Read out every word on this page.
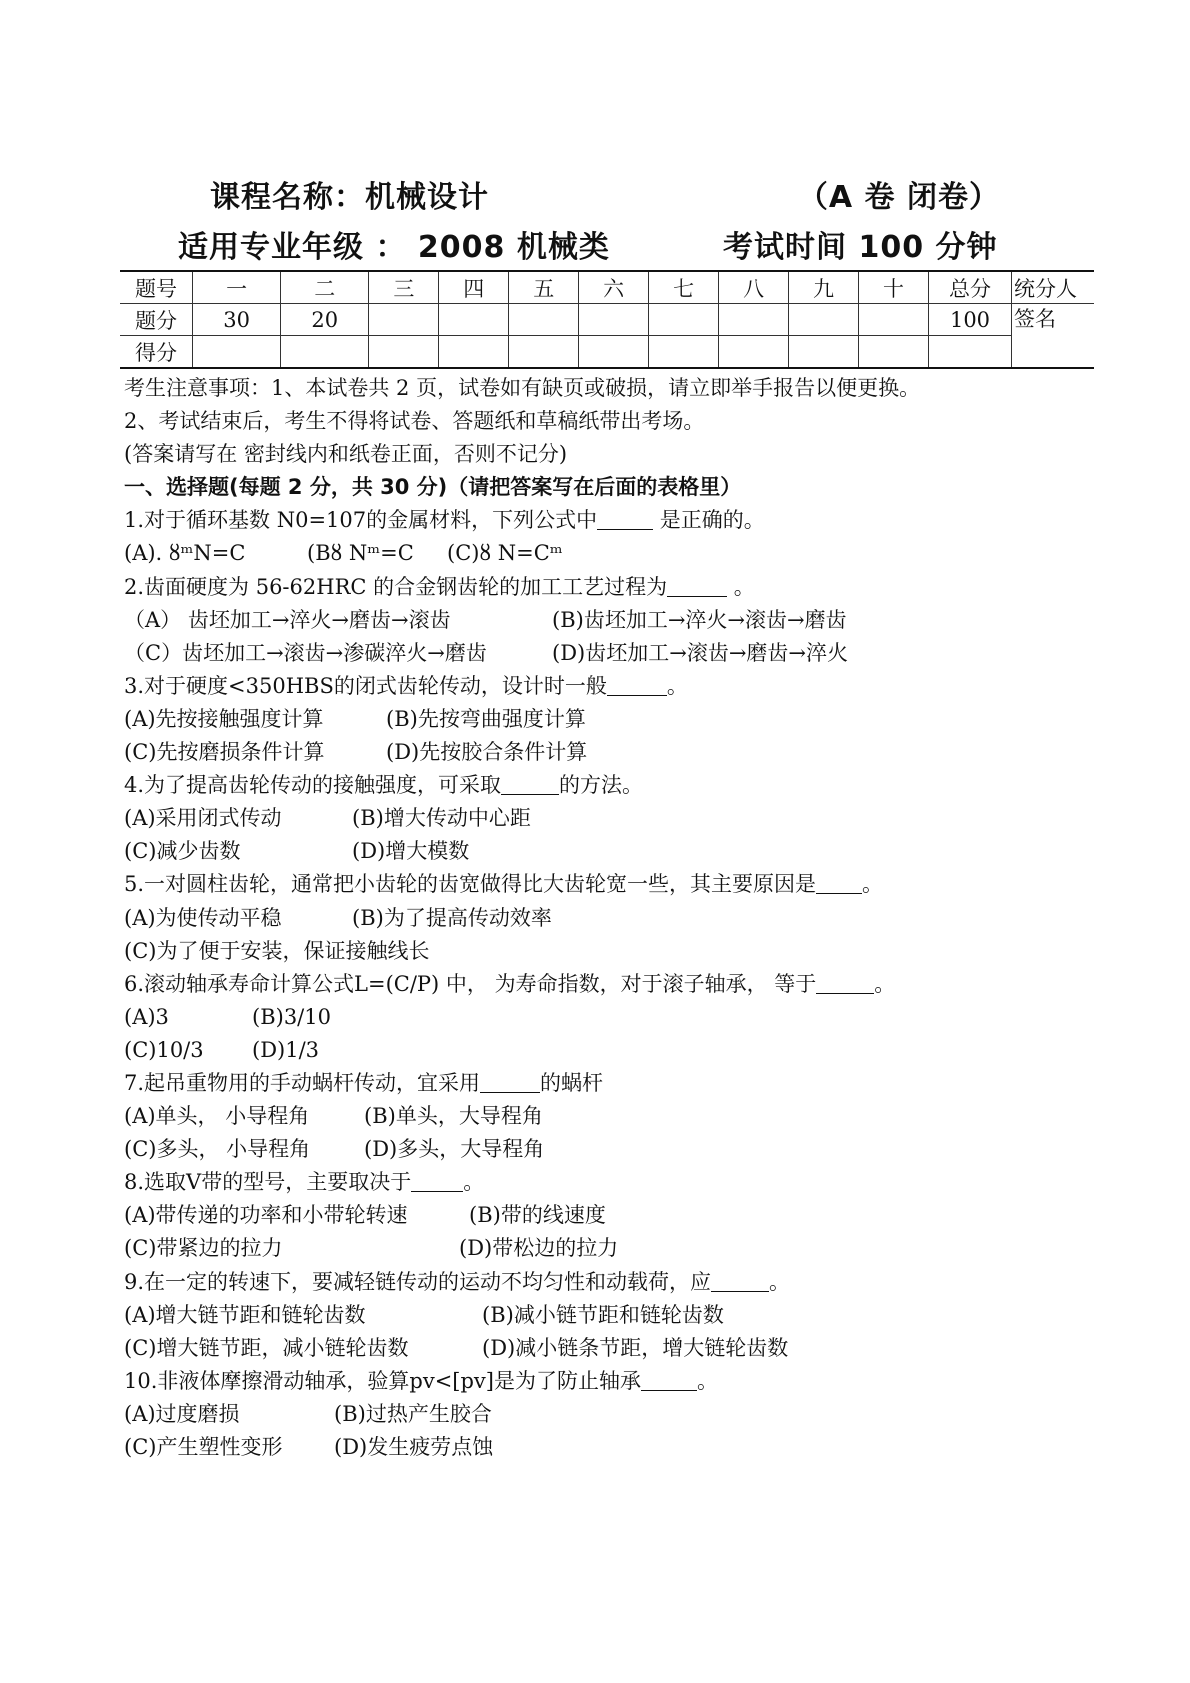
课程名称：机械设计	（A 卷 闭卷）
适用专业年级 ： 2008 机械类	考试时间 100 分钟
题号	一	二	三	四	五	六	七	八	九	十	总分	统分人
题分	30	20									100	签名

得分												
考生注意事项：1、本试卷共 2 页，试卷如有缺页或破损，请立即举手报告以便更换。
2、考试结束后，考生不得将试卷、答题纸和草稿纸带出考场。
(答案请写在 密封线内和纸卷正面，否则不记分)
一、选择题(每题 2 分，共 30 分)（请把答案写在后面的表格里）
1.对于循环基数 N0=107的金属材料，下列公式中	是正确的。
(A). ȣᵐN=C	(Bȣ Nᵐ=C (C)ȣ N=Cᵐ
2.齿面硬度为 56-62HRC 的合金钢齿轮的加工工艺过程为	。
（A） 齿坯加工→淬火→磨齿→滚齿	(B)齿坯加工→淬火→滚齿→磨齿
（C）齿坯加工→滚齿→渗碳淬火→磨齿	(D)齿坯加工→滚齿→磨齿→淬火
3.对于硬度<350HBS的闭式齿轮传动，设计时一般	。
(A)先按接触强度计算	(B)先按弯曲强度计算
(C)先按磨损条件计算	(D)先按胶合条件计算
4.为了提高齿轮传动的接触强度，可采取	的方法。
(A)采用闭式传动	(B)增大传动中心距
(C)减少齿数	(D)增大模数
5.一对圆柱齿轮，通常把小齿轮的齿宽做得比大齿轮宽一些，其主要原因是 。
(A)为使传动平稳	(B)为了提高传动效率
(C)为了便于安装，保证接触线长
6.滚动轴承寿命计算公式L=(C/P) 中， 为寿命指数，对于滚子轴承， 等于	。
(A)3	(B)3/10
(C)10/3 (D)1/3
7.起吊重物用的手动蜗杆传动，宜采用	的蜗杆
(A)单头， 小导程角	(B)单头，大导程角
(C)多头， 小导程角	(D)多头，大导程角
8.选取V带的型号，主要取决于 。
(A)带传递的功率和小带轮转速	(B)带的线速度
(C)带紧边的拉力	(D)带松边的拉力
9.在一定的转速下，要减轻链传动的运动不均匀性和动载荷，应	。
(A)增大链节距和链轮齿数	(B)减小链节距和链轮齿数
(C)增大链节距，减小链轮齿数	(D)减小链条节距，增大链轮齿数
10.非液体摩擦滑动轴承，验算pv<[pv]是为了防止轴承	。
(A)过度磨损	(B)过热产生胶合
(C)产生塑性变形 (D)发生疲劳点蚀
